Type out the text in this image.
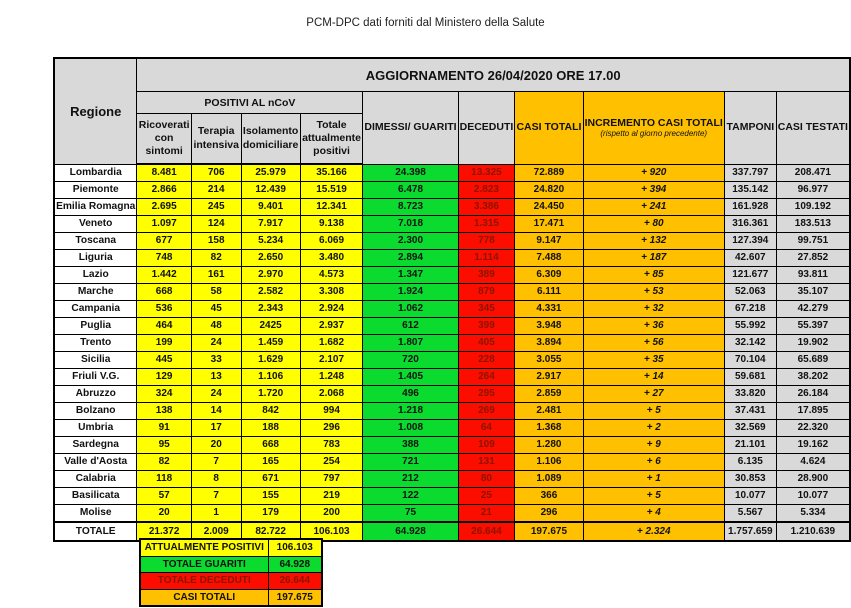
PCM-DPC dati forniti dal Ministero della Salute
Regione	AGGIORNAMENTO 26/04/2020 ORE 17.00									
	POSITIVI AL nCoV				DIMESSI/ GUARITI	DECEDUTI	CASI TOTALI	INCREMENTO CASI TOTALI
(rispetto al giorno precedente)	TAMPONI	CASI TESTATI
	Ricoverati con sintomi	Terapia intensiva	Isolamento domiciliare	Totale attualmente positivi						
Lombardia	8.481	706	25.979	35.166	24.398	13.325	72.889	+ 920	337.797	208.471
Piemonte	2.866	214	12.439	15.519	6.478	2.823	24.820	+ 394	135.142	96.977
Emilia Romagna	2.695	245	9.401	12.341	8.723	3.386	24.450	+ 241	161.928	109.192
Veneto	1.097	124	7.917	9.138	7.018	1.315	17.471	+ 80	316.361	183.513
Toscana	677	158	5.234	6.069	2.300	778	9.147	+ 132	127.394	99.751
Liguria	748	82	2.650	3.480	2.894	1.114	7.488	+ 187	42.607	27.852
Lazio	1.442	161	2.970	4.573	1.347	389	6.309	+ 85	121.677	93.811
Marche	668	58	2.582	3.308	1.924	879	6.111	+ 53	52.063	35.107
Campania	536	45	2.343	2.924	1.062	345	4.331	+ 32	67.218	42.279
Puglia	464	48	2425	2.937	612	399	3.948	+ 36	55.992	55.397
Trento	199	24	1.459	1.682	1.807	405	3.894	+ 56	32.142	19.902
Sicilia	445	33	1.629	2.107	720	228	3.055	+ 35	70.104	65.689
Friuli V.G.	129	13	1.106	1.248	1.405	264	2.917	+ 14	59.681	38.202
Abruzzo	324	24	1.720	2.068	496	295	2.859	+ 27	33.820	26.184
Bolzano	138	14	842	994	1.218	269	2.481	+ 5	37.431	17.895
Umbria	91	17	188	296	1.008	64	1.368	+ 2	32.569	22.320
Sardegna	95	20	668	783	388	109	1.280	+ 9	21.101	19.162
Valle d'Aosta	82	7	165	254	721	131	1.106	+ 6	6.135	4.624
Calabria	118	8	671	797	212	80	1.089	+ 1	30.853	28.900
Basilicata	57	7	155	219	122	25	366	+ 5	10.077	10.077
Molise	20	1	179	200	75	21	296	+ 4	5.567	5.334
TOTALE	21.372	2.009	82.722	106.103	64.928	26.644	197.675	+ 2.324	1.757.659	1.210.639
ATTUALMENTE POSITIVI	106.103
TOTALE GUARITI	64.928
TOTALE DECEDUTI	26.644
CASI TOTALI	197.675
